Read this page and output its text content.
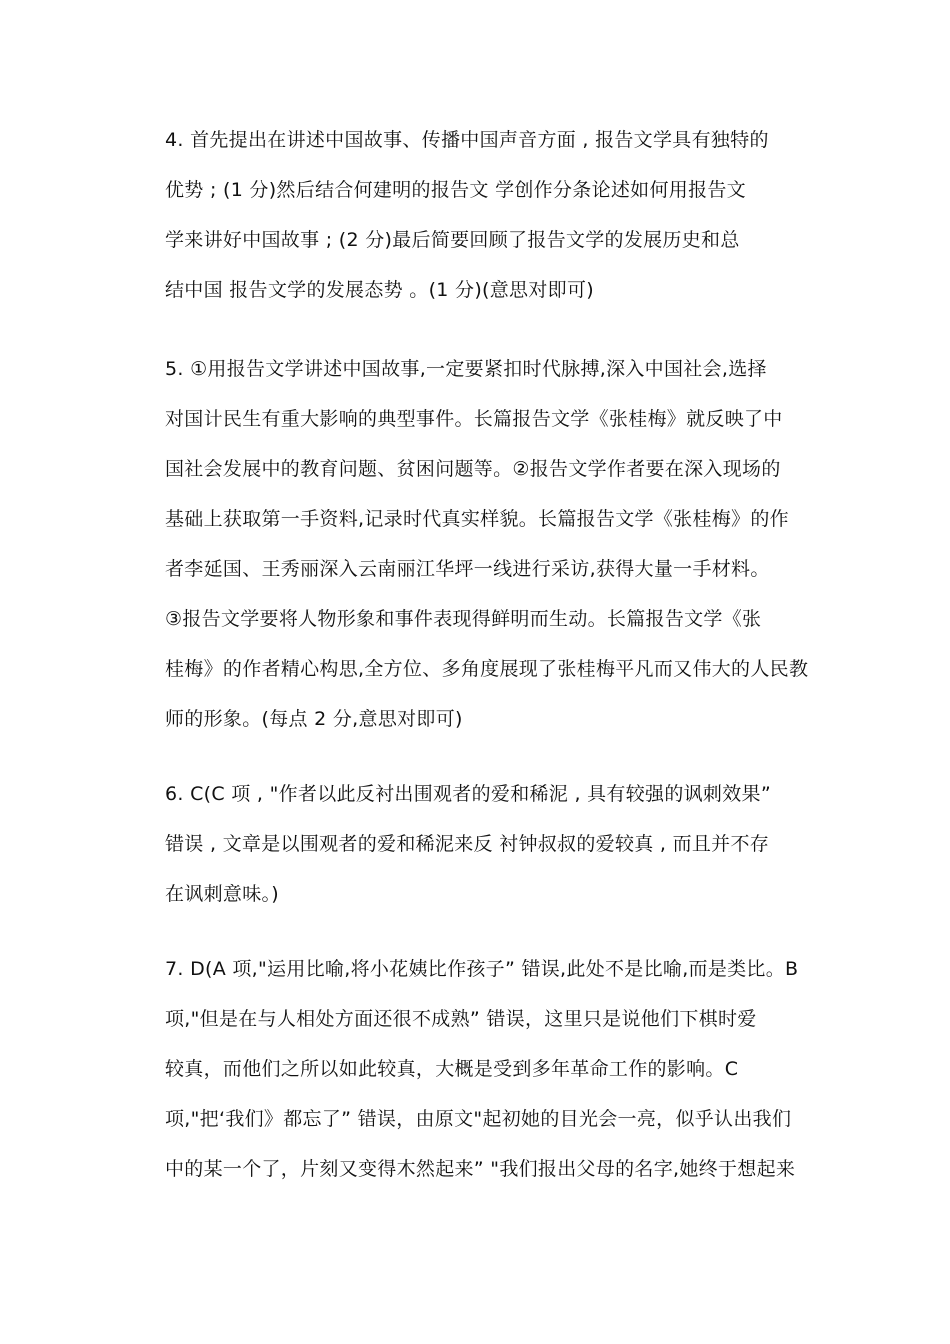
4. 首先提出在讲述中国故事、传播中国声音方面 , 报告文学具有独特的
优势 ; (1 分)然后结合何建明的报告文 学创作分条论述如何用报告文
学来讲好中国故事 ; (2 分)最后简要回顾了报告文学的发展历史和总
结中国 报告文学的发展态势 。(1 分)(意思对即可)
5. ①用报告文学讲述中国故事,一定要紧扣时代脉搏,深入中国社会,选择
对国计民生有重大影响的典型事件。长篇报告文学《张桂梅》就反映了中
国社会发展中的教育问题、贫困问题等。②报告文学作者要在深入现场的
基础上获取第一手资料,记录时代真实样貌。长篇报告文学《张桂梅》的作
者李延国、王秀丽深入云南丽江华坪一线进行采访,获得大量一手材料。
③报告文学要将人物形象和事件表现得鲜明而生动。长篇报告文学《张
桂梅》的作者精心构思,全方位、多角度展现了张桂梅平凡而又伟大的人民教
师的形象。(每点 2 分,意思对即可)
6. C(C 项 , "作者以此反衬出围观者的爱和稀泥 , 具有较强的讽刺效果”
错误 , 文章是以围观者的爱和稀泥来反 衬钟叔叔的爱较真 , 而且并不存
在讽刺意味。)
7. D(A 项,"运用比喻,将小花姨比作孩子” 错误,此处不是比喻,而是类比。B
项,"但是在与人相处方面还很不成熟” 错误，这里只是说他们下棋时爱
较真，而他们之所以如此较真，大概是受到多年革命工作的影响。C
项,"把‘我们》都忘了” 错误，由原文"起初她的目光会一亮，似乎认出我们
中的某一个了，片刻又变得木然起来” "我们报出父母的名字,她终于想起来
